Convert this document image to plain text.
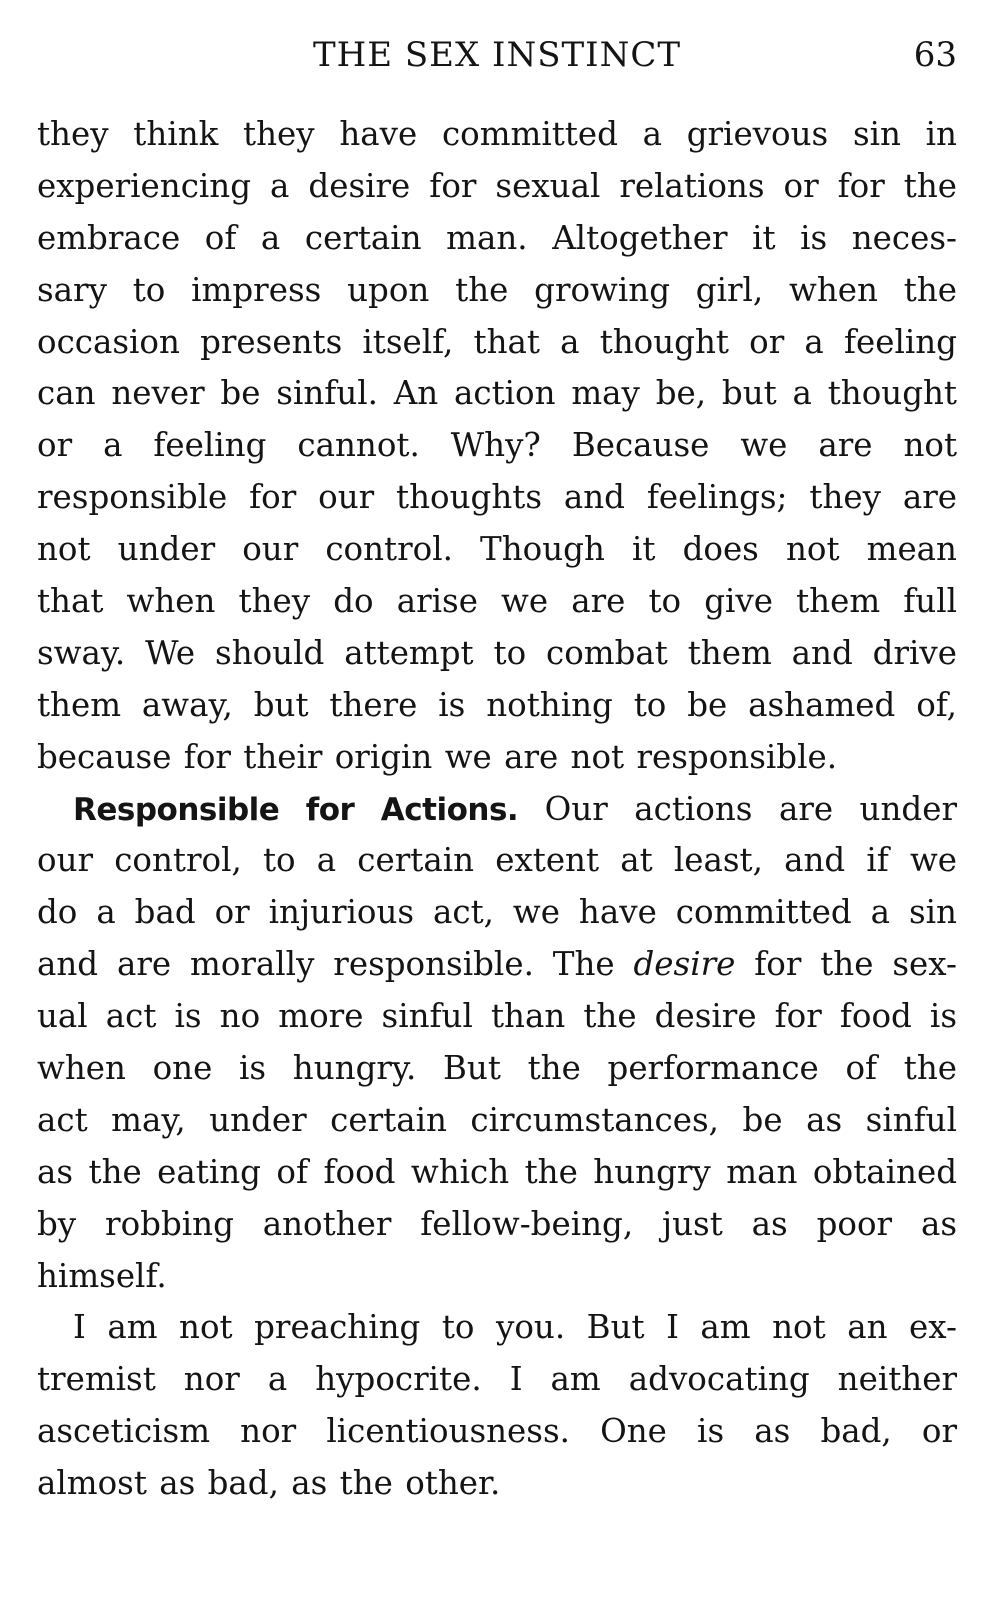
THE SEX INSTINCT	63
they think they have committed a grievous sin in
experiencing a desire for sexual relations or for the
embrace of a certain man. Altogether it is neces-
sary to impress upon the growing girl, when the
occasion presents itself, that a thought or a feeling
can never be sinful. An action may be, but a thought
or a feeling cannot. Why? Because we are not
responsible for our thoughts and feelings; they are
not under our control. Though it does not mean
that when they do arise we are to give them full
sway. We should attempt to combat them and drive
them away, but there is nothing to be ashamed of,
because for their origin we are not responsible.
Responsible for Actions. Our actions are under
our control, to a certain extent at least, and if we
do a bad or injurious act, we have committed a sin
and are morally responsible. The desire for the sex-
ual act is no more sinful than the desire for food is
when one is hungry. But the performance of the
act may, under certain circumstances, be as sinful
as the eating of food which the hungry man obtained
by robbing another fellow-being, just as poor as
himself.
I am not preaching to you. But I am not an ex-
tremist nor a hypocrite. I am advocating neither
asceticism nor licentiousness. One is as bad, or
almost as bad, as the other.
